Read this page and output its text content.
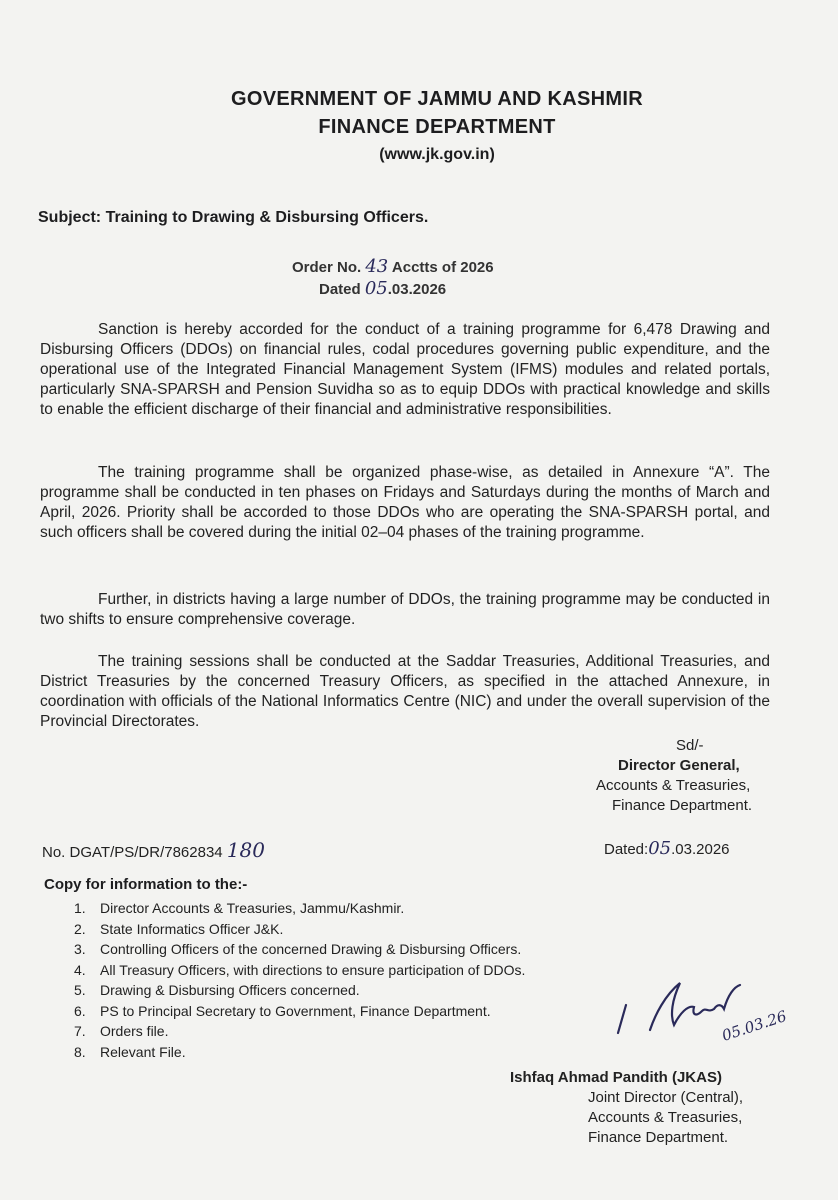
GOVERNMENT OF JAMMU AND KASHMIR
FINANCE DEPARTMENT
(www.jk.gov.in)
Subject: Training to Drawing & Disbursing Officers.
Order No. 43 Acctts of 2026
Dated 05.03.2026
Sanction is hereby accorded for the conduct of a training programme for 6,478 Drawing and Disbursing Officers (DDOs) on financial rules, codal procedures governing public expenditure, and the operational use of the Integrated Financial Management System (IFMS) modules and related portals, particularly SNA-SPARSH and Pension Suvidha so as to equip DDOs with practical knowledge and skills to enable the efficient discharge of their financial and administrative responsibilities.
The training programme shall be organized phase-wise, as detailed in Annexure “A”. The programme shall be conducted in ten phases on Fridays and Saturdays during the months of March and April, 2026. Priority shall be accorded to those DDOs who are operating the SNA-SPARSH portal, and such officers shall be covered during the initial 02–04 phases of the training programme.
Further, in districts having a large number of DDOs, the training programme may be conducted in two shifts to ensure comprehensive coverage.
The training sessions shall be conducted at the Saddar Treasuries, Additional Treasuries, and District Treasuries by the concerned Treasury Officers, as specified in the attached Annexure, in coordination with officials of the National Informatics Centre (NIC) and under the overall supervision of the Provincial Directorates.
Sd/-
Director General,
Accounts & Treasuries,
Finance Department.
No. DGAT/PS/DR/7862834 180	Dated:05.03.2026
Copy for information to the:-
1. Director Accounts & Treasuries, Jammu/Kashmir.
2. State Informatics Officer J&K.
3. Controlling Officers of the concerned Drawing & Disbursing Officers.
4. All Treasury Officers, with directions to ensure participation of DDOs.
5. Drawing & Disbursing Officers concerned.
6. PS to Principal Secretary to Government, Finance Department.
7. Orders file.
8. Relevant File.
05.03.26
Ishfaq Ahmad Pandith (JKAS)
Joint Director (Central),
Accounts & Treasuries,
Finance Department.
